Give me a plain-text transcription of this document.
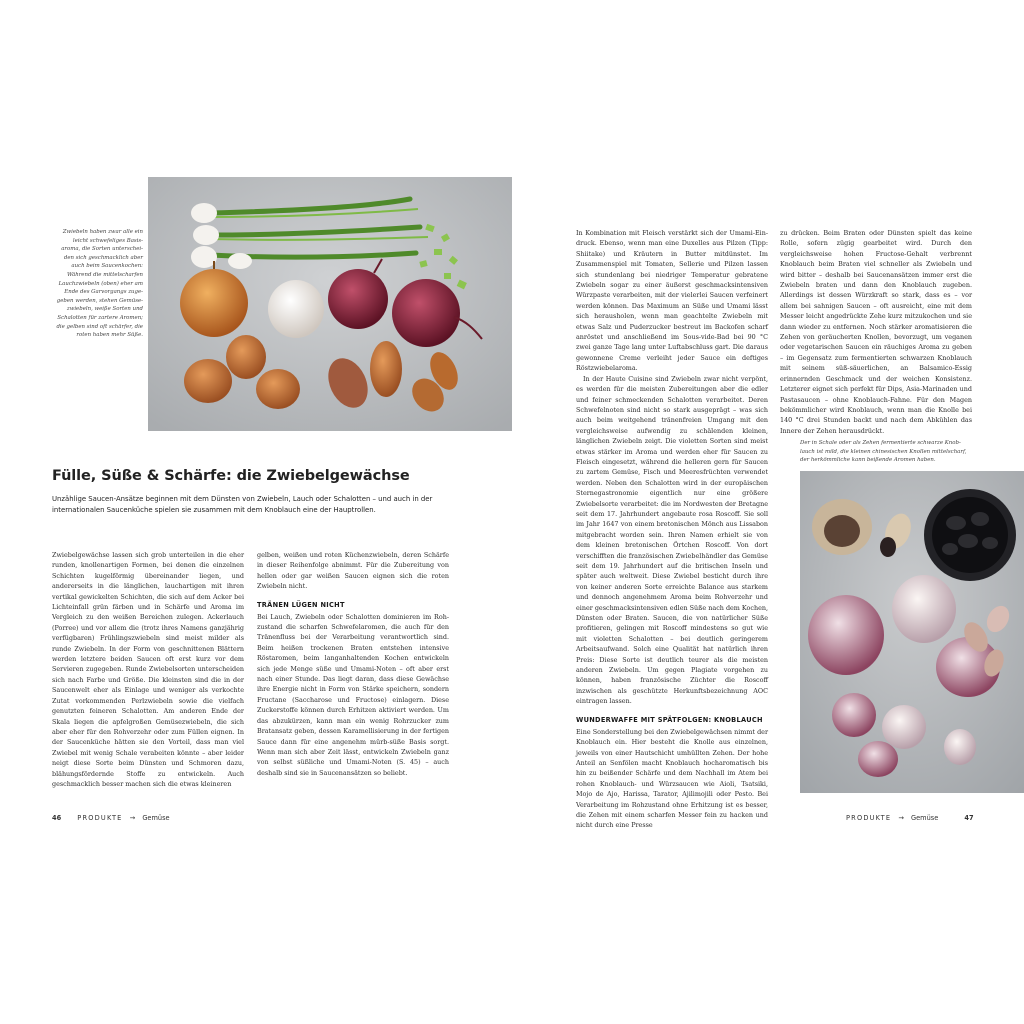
Zwiebeln haben zwar alle ein leicht schwefeliges Basisaroma, die Sorten unterscheiden sich geschmacklich aber auch beim Saucenkochen: Während die mittelscharfen Lauchzwiebeln (oben) eher am Ende des Garvorgangs zugegeben werden, stehen Gemüsezwiebeln, weiße Sorten und Schalotten für zartere Aromen; die gelben sind oft schärfer, die roten haben mehr Süße.
Fülle, Süße & Schärfe: die Zwiebelgewächse
Unzählige Saucen-Ansätze beginnen mit dem Dünsten von Zwiebeln, Lauch oder Schalotten – und auch in der internationalen Saucenküche spielen sie zusammen mit dem Knoblauch eine der Hauptrollen.

Zwiebelgewächse lassen sich grob unterteilen in die eher runden, knollenartigen Formen, bei denen die einzelnen Schichten kugelförmig übereinander liegen, und andererseits in die länglichen, lauchartigen mit ihren vertikal gewickelten Schichten, die sich auf dem Acker bei Lichteinfall grün färben und in Schärfe und Aroma im Vergleich zu den weißen Bereichen zulegen. Ackerlauch (Porree) und vor allem die (trotz ihres Namens ganzjährig verfügbaren) Frühlingszwiebeln sind meist milder als runde Zwiebeln. In der Form von geschnittenen Blättern werden letztere beiden Saucen oft erst kurz vor dem Servieren zugegeben. Runde Zwiebelsorten unterscheiden sich nach Farbe und Größe. Die kleinsten sind die in der Saucenwelt eher als Einlage und weniger als verkochte Zutat vorkommenden Perlzwiebeln sowie die vielfach genutzten feineren Schalotten. Am anderen Ende der Skala liegen die apfelgroßen Gemüsezwiebeln, die sich aber eher für den Rohverzehr oder zum Füllen eignen. In der Saucenküche hätten sie den Vorteil, dass man viel Zwiebel mit wenig Schale verabeiten könnte – aber leider neigt diese Sorte beim Dünsten und Schmoren dazu, blähungsfördernde Stoffe zu entwickeln. Auch geschmacklich besser machen sich die etwas kleineren

gelben, weißen und roten Küchenzwiebeln, deren Schärfe in dieser Reihenfolge abnimmt. Für die Zubereitung von hellen oder gar weißen Saucen eignen sich die roten Zwiebeln nicht.

TRÄNEN LÜGEN NICHT

Bei Lauch, Zwiebeln oder Schalotten dominieren im Rohzustand die scharfen Schwefelaromen, die auch für den Tränenfluss bei der Verarbeitung verantwortlich sind. Beim heißen trockenen Braten entstehen intensive Röstaromen, beim langanhaltenden Kochen entwickeln sich jede Menge süße und Umami-Noten – oft aber erst nach einer Stunde. Das liegt daran, dass diese Gewächse ihre Energie nicht in Form von Stärke speichern, sondern Fructane (Saccharose und Fructose) einlagern. Diese Zuckerstoffe können durch Erhitzen aktiviert werden. Um das abzukürzen, kann man ein wenig Rohrzucker zum Bratansatz geben, dessen Karamellisierung in der fertigen Sauce dann für eine angenehm mürb-süße Basis sorgt. Wenn man sich aber Zeit lässt, entwickeln Zwiebeln ganz von selbst süßliche und Umami-Noten (S. 45) – auch deshalb sind sie in Saucenansätzen so beliebt.

46 PRODUKTE → Gemüse

In Kombination mit Fleisch verstärkt sich der Umami-Eindruck. Ebenso, wenn man eine Duxelles aus Pilzen (Tipp: Shiitake) und Kräutern in Butter mitdünstet. Im Zusammenspiel mit Tomaten, Sellerie und Pilzen lassen sich stundenlang bei niedriger Temperatur gebratene Zwiebeln sogar zu einer äußerst geschmacksintensiven Würzpaste verarbeiten, mit der vielerlei Saucen verfeinert werden können. Das Maximum an Süße und Umami lässt sich herausholen, wenn man geachtelte Zwiebeln mit etwas Salz und Puderzucker bestreut im Backofen scharf anröstet und anschließend im Sous-vide-Bad bei 90 °C zwei ganze Tage lang unter Luftabschluss gart. Die daraus gewonnene Creme verleiht jeder Sauce ein deftiges Röstzwiebelaroma.

In der Haute Cuisine sind Zwiebeln zwar nicht verpönt, es werden für die meisten Zubereitungen aber die edler und feiner schmeckenden Schalotten verarbeitet. Deren Schwefelnoten sind nicht so stark ausgeprägt – was sich auch beim weitgehend tränenfreien Umgang mit den vergleichsweise aufwendig zu schälenden kleinen, länglichen Zwiebeln zeigt. Die violetten Sorten sind meist etwas stärker im Aroma und werden eher für Saucen zu Fleisch eingesetzt, während die helleren gern für Saucen zu zartem Gemüse, Fisch und Meeresfrüchten verwendet werden. Neben den Schalotten wird in der europäischen Sternegastronomie eigentlich nur eine größere Zwiebelsorte verarbeitet: die im Nordwesten der Bretagne seit dem 17. Jahrhundert angebaute rosa Roscoff. Sie soll im Jahr 1647 von einem bretonischen Mönch aus Lissabon mitgebracht worden sein. Ihren Namen erhielt sie von dem kleinen bretonischen Örtchen Roscoff. Von dort verschifften die französischen Zwiebelhändler das Gemüse seit dem 19. Jahrhundert auf die britischen Inseln und später auch weltweit. Diese Zwiebel besticht durch ihre von keiner anderen Sorte erreichte Balance aus starkem und dennoch angenehmem Aroma beim Rohverzehr und einer geschmacksintensiven edlen Süße nach dem Kochen, Dünsten oder Braten. Saucen, die von natürlicher Süße profitieren, gelingen mit Roscoff mindestens so gut wie mit violetten Schalotten – bei deutlich geringerem Arbeitsaufwand. Solch eine Qualität hat natürlich ihren Preis: Diese Sorte ist deutlich teurer als die meisten anderen Zwiebeln. Um gegen Plagiate vorgehen zu können, haben französische Züchter die Roscoff inzwischen als geschützte Herkunftsbezeichnung AOC eintragen lassen.

WUNDERWAFFE MIT SPÄTFOLGEN: KNOBLAUCH

Eine Sonderstellung bei den Zwiebelgewächsen nimmt der Knoblauch ein. Hier besteht die Knolle aus einzelnen, jeweils von einer Hautschicht umhüllten Zehen. Der hohe Anteil an Senfölen macht Knoblauch hocharomatisch bis hin zu beißender Schärfe und dem Nachhall im Atem bei rohen Knoblauch- und Würzsaucen wie Aioli, Tsatsiki, Mojo de Ajo, Harissa, Tarator, Ajilimojili oder Pesto. Bei Verarbeitung im Rohzustand ohne Erhitzung ist es besser, die Zehen mit einem scharfen Messer fein zu hacken und nicht durch eine Presse

zu drücken. Beim Braten oder Dünsten spielt das keine Rolle, sofern zügig gearbeitet wird. Durch den vergleichsweise hohen Fructose-Gehalt verbrennt Knoblauch beim Braten viel schneller als Zwiebeln und wird bitter – deshalb bei Saucenansätzen immer erst die Zwiebeln braten und dann den Knoblauch zugeben. Allerdings ist dessen Würzkraft so stark, dass es – vor allem bei sahnigen Saucen – oft ausreicht, eine mit dem Messer leicht angedrückte Zehe kurz mitzukochen und sie dann wieder zu entfernen. Noch stärker aromatisieren die Zehen von geräucherten Knollen, bevorzugt, um veganen oder vegetarischen Saucen ein räuchiges Aroma zu geben – im Gegensatz zum fermentierten schwarzen Knoblauch mit seinem süß-säuerlichen, an Balsamico-Essig erinnernden Geschmack und der weichen Konsistenz. Letzterer eignet sich perfekt für Dips, Asia-Marinaden und Pastasaucen – ohne Knoblauch-Fahne. Für den Magen bekömmlicher wird Knoblauch, wenn man die Knolle bei 140 °C drei Stunden backt und nach dem Abkühlen das Innere der Zehen herausdrückt.

Der in Schale oder als Zehen fermentierte schwarze Knoblauch ist mild, die kleinen chinesischen Knollen mittelscharf, der herkömmliche kann beißende Aromen haben.
PRODUKTE → Gemüse	47
